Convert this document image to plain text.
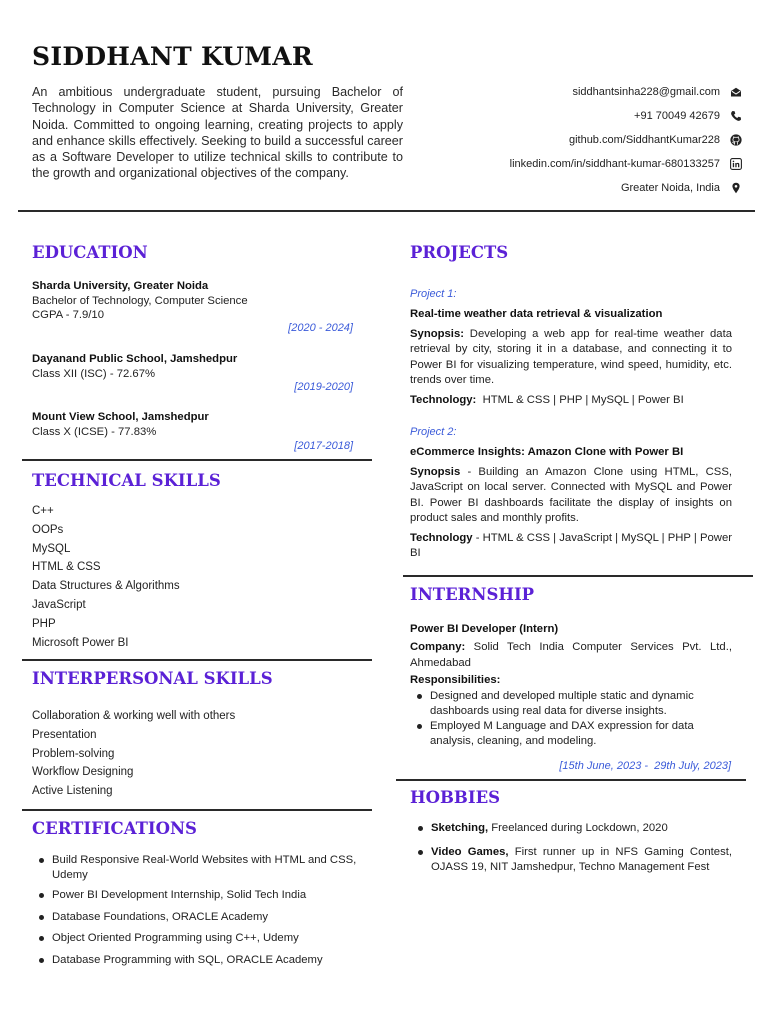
SIDDHANT KUMAR
An ambitious undergraduate student, pursuing Bachelor of Technology in Computer Science at Sharda University, Greater Noida. Committed to ongoing learning, creating projects to apply and enhance skills effectively. Seeking to build a successful career as a Software Developer to utilize technical skills to contribute to the growth and organizational objectives of the company.
siddhantsinha228@gmail.com
+91 70049 42679
github.com/SiddhantKumar228
linkedin.com/in/siddhant-kumar-680133257
Greater Noida, India
EDUCATION
Sharda University, Greater Noida
Bachelor of Technology, Computer Science
CGPA - 7.9/10
[2020 - 2024]
Dayanand Public School, Jamshedpur
Class XII (ISC) - 72.67%
[2019-2020]
Mount View School, Jamshedpur
Class X (ICSE) - 77.83%
[2017-2018]
TECHNICAL SKILLS
C++
OOPs
MySQL
HTML & CSS
Data Structures & Algorithms
JavaScript
PHP
Microsoft Power BI
INTERPERSONAL SKILLS
Collaboration & working well with others
Presentation
Problem-solving
Workflow Designing
Active Listening
CERTIFICATIONS
Build Responsive Real-World Websites with HTML and CSS, Udemy
Power BI Development Internship, Solid Tech India
Database Foundations, ORACLE Academy
Object Oriented Programming using C++, Udemy
Database Programming with SQL, ORACLE Academy
PROJECTS
Project 1:
Real-time weather data retrieval & visualization
Synopsis: Developing a web app for real-time weather data retrieval by city, storing it in a database, and connecting it to Power BI for visualizing temperature, wind speed, humidity, etc. trends over time.
Technology:  HTML & CSS | PHP | MySQL | Power BI
Project 2:
eCommerce Insights: Amazon Clone with Power BI
Synopsis - Building an Amazon Clone using HTML, CSS, JavaScript on local server. Connected with MySQL and Power BI. Power BI dashboards facilitate the display of insights on product sales and monthly profits.
Technology - HTML & CSS | JavaScript | MySQL | PHP | Power BI
INTERNSHIP
Power BI Developer (Intern)
Company: Solid Tech India Computer Services Pvt. Ltd., Ahmedabad
Responsibilities:
Designed and developed multiple static and dynamic dashboards using real data for diverse insights.
Employed M Language and DAX expression for data analysis, cleaning, and modeling.
[15th June, 2023 -  29th July, 2023]
HOBBIES
Sketching, Freelanced during Lockdown, 2020
Video Games, First runner up in NFS Gaming Contest, OJASS 19, NIT Jamshedpur, Techno Management Fest
